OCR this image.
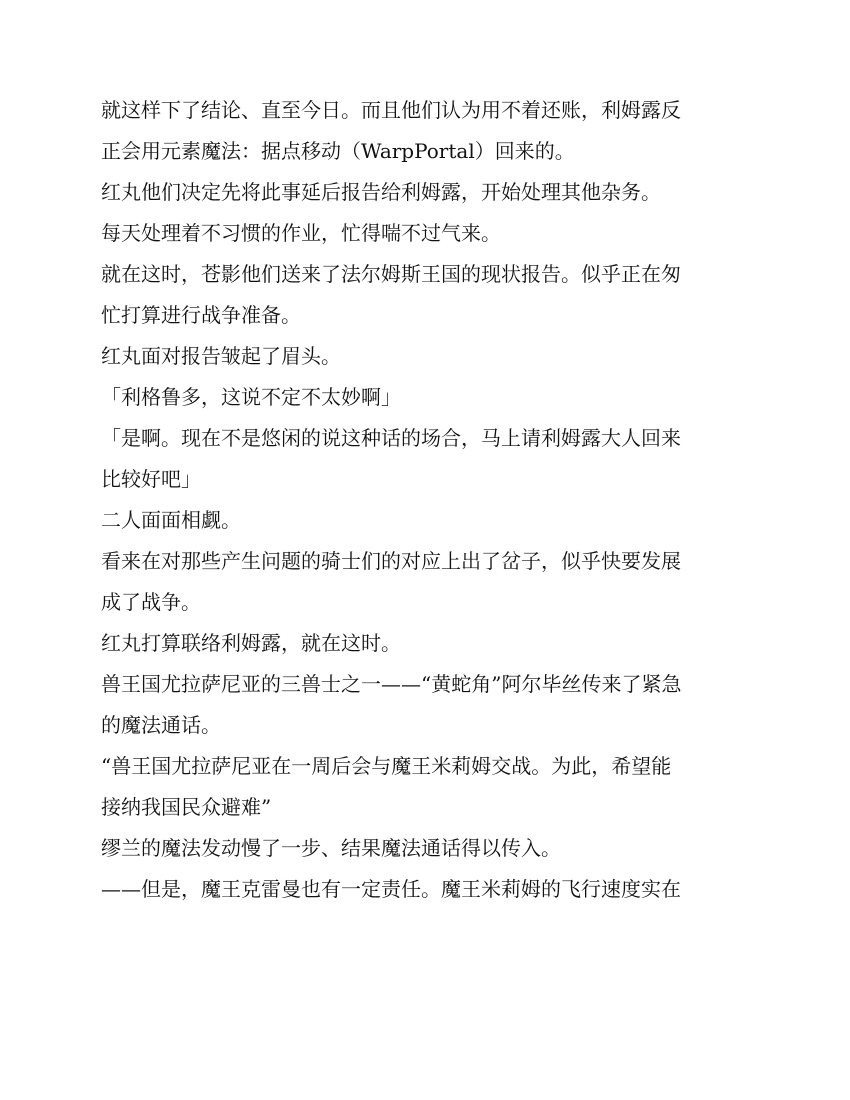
就这样下了结论、直至今日。而且他们认为用不着还账，利姆露反

正会用元素魔法：据点移动（WarpPortal）回来的。

红丸他们决定先将此事延后报告给利姆露，开始处理其他杂务。

每天处理着不习惯的作业，忙得喘不过气来。

就在这时，苍影他们送来了法尔姆斯王国的现状报告。似乎正在匆

忙打算进行战争准备。

红丸面对报告皱起了眉头。

「利格鲁多，这说不定不太妙啊」

「是啊。现在不是悠闲的说这种话的场合，马上请利姆露大人回来

比较好吧」

二人面面相觑。

看来在对那些产生问题的骑士们的对应上出了岔子，似乎快要发展

成了战争。

红丸打算联络利姆露，就在这时。

兽王国尤拉萨尼亚的三兽士之一——“黄蛇角”阿尔毕丝传来了紧急

的魔法通话。

“兽王国尤拉萨尼亚在一周后会与魔王米莉姆交战。为此，希望能

接纳我国民众避难”

缪兰的魔法发动慢了一步、结果魔法通话得以传入。

——但是，魔王克雷曼也有一定责任。魔王米莉姆的飞行速度实在
